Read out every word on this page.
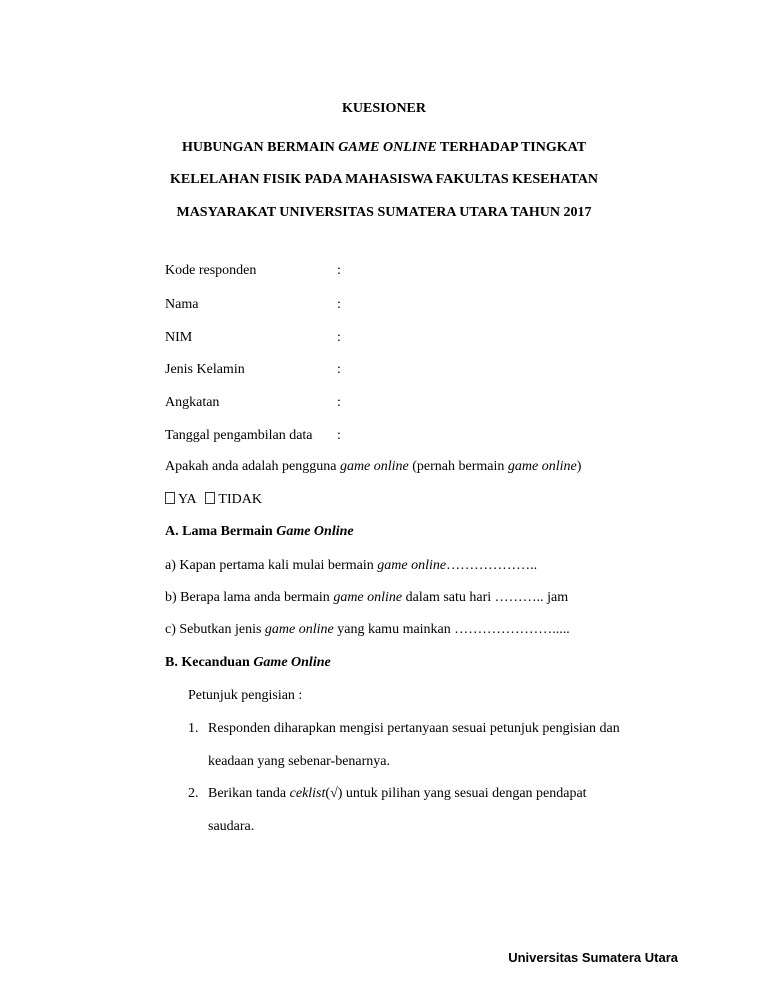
KUESIONER
HUBUNGAN BERMAIN GAME ONLINE TERHADAP TINGKAT
KELELAHAN FISIK PADA MAHASISWA FAKULTAS KESEHATAN
MASYARAKAT UNIVERSITAS SUMATERA UTARA TAHUN 2017
Kode responden	:
Nama	:
NIM	:
Jenis Kelamin	:
Angkatan	:
Tanggal pengambilan data :
Apakah anda adalah pengguna game online (pernah bermain game online)
YA TIDAK
A. Lama Bermain Game Online
a) Kapan pertama kali mulai bermain game online………………..
b) Berapa lama anda bermain game online dalam satu hari ……….. jam
c) Sebutkan jenis game online yang kamu mainkan ………………….....
B. Kecanduan Game Online
Petunjuk pengisian :
1. Responden diharapkan mengisi pertanyaan sesuai petunjuk pengisian dan
keadaan yang sebenar-benarnya.
2. Berikan tanda ceklist(√) untuk pilihan yang sesuai dengan pendapat
saudara.
Universitas Sumatera Utara
